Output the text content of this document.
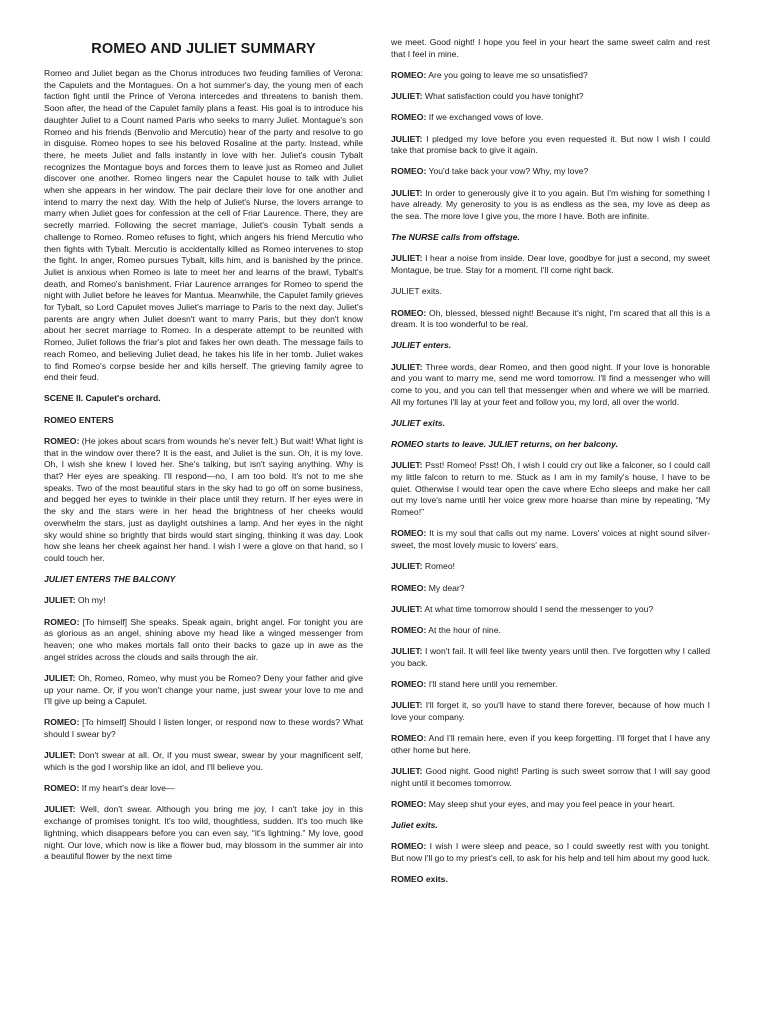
ROMEO AND JULIET SUMMARY
Romeo and Juliet began as the Chorus introduces two feuding families of Verona: the Capulets and the Montagues. On a hot summer's day, the young men of each faction fight until the Prince of Verona intercedes and threatens to banish them. Soon after, the head of the Capulet family plans a feast. His goal is to introduce his daughter Juliet to a Count named Paris who seeks to marry Juliet. Montague's son Romeo and his friends (Benvolio and Mercutio) hear of the party and resolve to go in disguise. Romeo hopes to see his beloved Rosaline at the party. Instead, while there, he meets Juliet and falls instantly in love with her. Juliet's cousin Tybalt recognizes the Montague boys and forces them to leave just as Romeo and Juliet discover one another. Romeo lingers near the Capulet house to talk with Juliet when she appears in her window. The pair declare their love for one another and intend to marry the next day. With the help of Juliet's Nurse, the lovers arrange to marry when Juliet goes for confession at the cell of Friar Laurence. There, they are secretly married. Following the secret marriage, Juliet's cousin Tybalt sends a challenge to Romeo. Romeo refuses to fight, which angers his friend Mercutio who then fights with Tybalt. Mercutio is accidentally killed as Romeo intervenes to stop the fight. In anger, Romeo pursues Tybalt, kills him, and is banished by the prince. Juliet is anxious when Romeo is late to meet her and learns of the brawl, Tybalt's death, and Romeo's banishment. Friar Laurence arranges for Romeo to spend the night with Juliet before he leaves for Mantua. Meanwhile, the Capulet family grieves for Tybalt, so Lord Capulet moves Juliet's marriage to Paris to the next day. Juliet's parents are angry when Juliet doesn't want to marry Paris, but they don't know about her secret marriage to Romeo. In a desperate attempt to be reunited with Romeo, Juliet follows the friar's plot and fakes her own death. The message fails to reach Romeo, and believing Juliet dead, he takes his life in her tomb. Juliet wakes to find Romeo's corpse beside her and kills herself. The grieving family agree to end their feud.
SCENE II. Capulet's orchard.
ROMEO ENTERS
ROMEO: (He jokes about scars from wounds he's never felt.) But wait! What light is that in the window over there? It is the east, and Juliet is the sun. Oh, it is my love. Oh, I wish she knew I loved her. She's talking, but isn't saying anything. Why is that? Her eyes are speaking. I'll respond—no, I am too bold. It's not to me she speaks. Two of the most beautiful stars in the sky had to go off on some business, and begged her eyes to twinkle in their place until they return. If her eyes were in the sky and the stars were in her head the brightness of her cheeks would overwhelm the stars, just as daylight outshines a lamp. And her eyes in the night sky would shine so brightly that birds would start singing, thinking it was day. Look how she leans her cheek against her hand. I wish I were a glove on that hand, so I could touch her.
JULIET ENTERS THE BALCONY
JULIET: Oh my!
ROMEO: [To himself] She speaks. Speak again, bright angel. For tonight you are as glorious as an angel, shining above my head like a winged messenger from heaven; one who makes mortals fall onto their backs to gaze up in awe as the angel strides across the clouds and sails through the air.
JULIET: Oh, Romeo, Romeo, why must you be Romeo? Deny your father and give up your name. Or, if you won't change your name, just swear your love to me and I'll give up being a Capulet.
ROMEO: [To himself] Should I listen longer, or respond now to these words? What should I swear by?
JULIET: Don't swear at all. Or, if you must swear, swear by your magnificent self, which is the god I worship like an idol, and I'll believe you.
ROMEO: If my heart's dear love—
JULIET: Well, don't swear. Although you bring me joy, I can't take joy in this exchange of promises tonight. It's too wild, thoughtless, sudden. It's too much like lightning, which disappears before you can even say, “it's lightning.” My love, good night. Our love, which now is like a flower bud, may blossom in the summer air into a beautiful flower by the next time
we meet. Good night! I hope you feel in your heart the same sweet calm and rest that I feel in mine.
ROMEO: Are you going to leave me so unsatisfied?
JULIET: What satisfaction could you have tonight?
ROMEO: If we exchanged vows of love.
JULIET: I pledged my love before you even requested it. But now I wish I could take that promise back to give it again.
ROMEO: You'd take back your vow? Why, my love?
JULIET: In order to generously give it to you again. But I'm wishing for something I have already. My generosity to you is as endless as the sea, my love as deep as the sea. The more love I give you, the more I have. Both are infinite.
The NURSE calls from offstage.
JULIET: I hear a noise from inside. Dear love, goodbye for just a second, my sweet Montague, be true. Stay for a moment. I'll come right back.
JULIET exits.
ROMEO: Oh, blessed, blessed night! Because it's night, I'm scared that all this is a dream. It is too wonderful to be real.
JULIET enters.
JULIET: Three words, dear Romeo, and then good night. If your love is honorable and you want to marry me, send me word tomorrow. I'll find a messenger who will come to you, and you can tell that messenger when and where we will be married. All my fortunes I'll lay at your feet and follow you, my lord, all over the world.
JULIET exits.
ROMEO starts to leave. JULIET returns, on her balcony.
JULIET: Psst! Romeo! Psst! Oh, I wish I could cry out like a falconer, so I could call my little falcon to return to me. Stuck as I am in my family's house, I have to be quiet. Otherwise I would tear open the cave where Echo sleeps and make her call out my love's name until her voice grew more hoarse than mine by repeating, “My Romeo!”
ROMEO: It is my soul that calls out my name. Lovers' voices at night sound silver-sweet, the most lovely music to lovers' ears.
JULIET: Romeo!
ROMEO: My dear?
JULIET: At what time tomorrow should I send the messenger to you?
ROMEO: At the hour of nine.
JULIET: I won't fail. It will feel like twenty years until then. I've forgotten why I called you back.
ROMEO: I'll stand here until you remember.
JULIET: I'll forget it, so you'll have to stand there forever, because of how much I love your company.
ROMEO: And I'll remain here, even if you keep forgetting. I'll forget that I have any other home but here.
JULIET: Good night. Good night! Parting is such sweet sorrow that I will say good night until it becomes tomorrow.
ROMEO: May sleep shut your eyes, and may you feel peace in your heart.
Juliet exits.
ROMEO: I wish I were sleep and peace, so I could sweetly rest with you tonight. But now I'll go to my priest's cell, to ask for his help and tell him about my good luck.
ROMEO exits.
